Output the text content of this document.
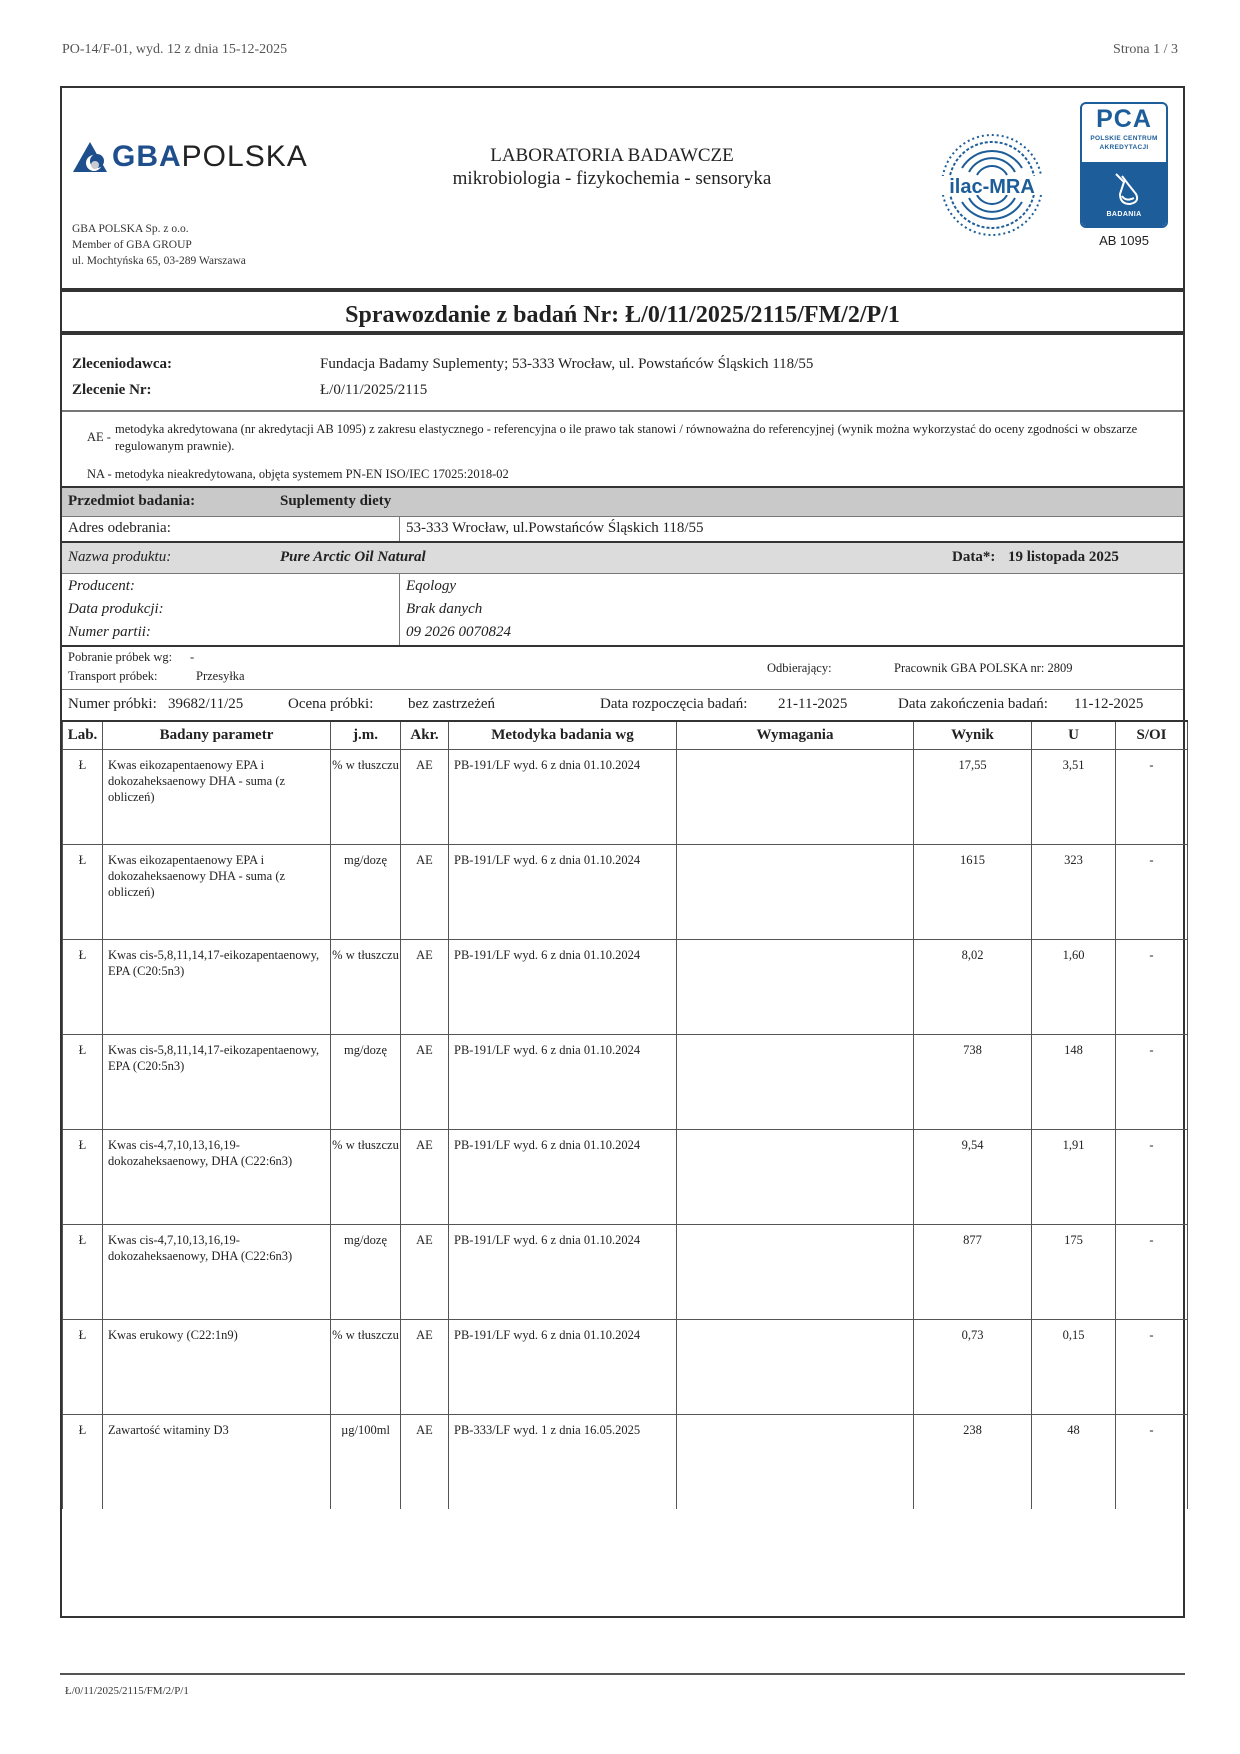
PO-14/F-01, wyd. 12 z dnia 15-12-2025	Strona 1 / 3
GBA POLSKA
GBA POLSKA Sp. z o.o.
Member of GBA GROUP
ul. Mochtyńska 65, 03-289 Warszawa
LABORATORIA BADAWCZE
mikrobiologia - fizykochemia - sensoryka	ilac-MRA
PCA
POLSKIE CENTRUM
AKREDYTACJI
BADANIA
AB 1095
Sprawozdanie z badań Nr: Ł/0/11/2025/2115/FM/2/P/1
Zleceniodawca:	Fundacja Badamy Suplementy; 53-333 Wrocław, ul. Powstańców Śląskich 118/55
Zlecenie Nr:	Ł/0/11/2025/2115
AE -
metodyka akredytowana (nr akredytacji AB 1095) z zakresu elastycznego - referencyjna o ile prawo tak stanowi / równoważna do referencyjnej (wynik można wykorzystać do oceny zgodności w obszarze regulowanym prawnie).
NA - metodyka nieakredytowana, objęta systemem PN-EN ISO/IEC 17025:2018-02
Przedmiot badania:	Suplementy diety
Adres odebrania:	53-333 Wrocław, ul.Powstańców Śląskich 118/55
Nazwa produktu:	Pure Arctic Oil Natural	Data*: 19 listopada 2025
Producent:	Eqology
Data produkcji:	Brak danych
Numer partii:	09 2026 0070824
Pobranie próbek wg: -
Transport próbek:	Przesyłka
Odbierający:	Pracownik GBA POLSKA nr: 2809
Numer próbki: 39682/11/25	Ocena próbki: bez zastrzeżeń	Data rozpoczęcia badań: 21-11-2025	Data zakończenia badań: 11-12-2025
Lab.	Badany parametr	j.m.	Akr.	Metodyka badania wg	Wymagania	Wynik	U	S/OI
Ł	Kwas eikozapentaenowy EPA i dokozaheksaenowy DHA - suma (z obliczeń)	% w tłuszczu	AE	PB-191/LF wyd. 6 z dnia 01.10.2024		17,55	3,51	-
Ł	Kwas eikozapentaenowy EPA i dokozaheksaenowy DHA - suma (z obliczeń)	mg/dozę	AE	PB-191/LF wyd. 6 z dnia 01.10.2024		1615	323	-
Ł	Kwas cis-5,8,11,14,17-eikozapentaenowy, EPA (C20:5n3)	% w tłuszczu	AE	PB-191/LF wyd. 6 z dnia 01.10.2024		8,02	1,60	-
Ł	Kwas cis-5,8,11,14,17-eikozapentaenowy, EPA (C20:5n3)	mg/dozę	AE	PB-191/LF wyd. 6 z dnia 01.10.2024		738	148	-
Ł	Kwas cis-4,7,10,13,16,19-dokozaheksaenowy, DHA (C22:6n3)	% w tłuszczu	AE	PB-191/LF wyd. 6 z dnia 01.10.2024		9,54	1,91	-
Ł	Kwas cis-4,7,10,13,16,19-dokozaheksaenowy, DHA (C22:6n3)	mg/dozę	AE	PB-191/LF wyd. 6 z dnia 01.10.2024		877	175	-
Ł	Kwas erukowy (C22:1n9)	% w tłuszczu	AE	PB-191/LF wyd. 6 z dnia 01.10.2024		0,73	0,15	-
Ł	Zawartość witaminy D3	µg/100ml	AE	PB-333/LF wyd. 1 z dnia 16.05.2025		238	48	-
Ł/0/11/2025/2115/FM/2/P/1
